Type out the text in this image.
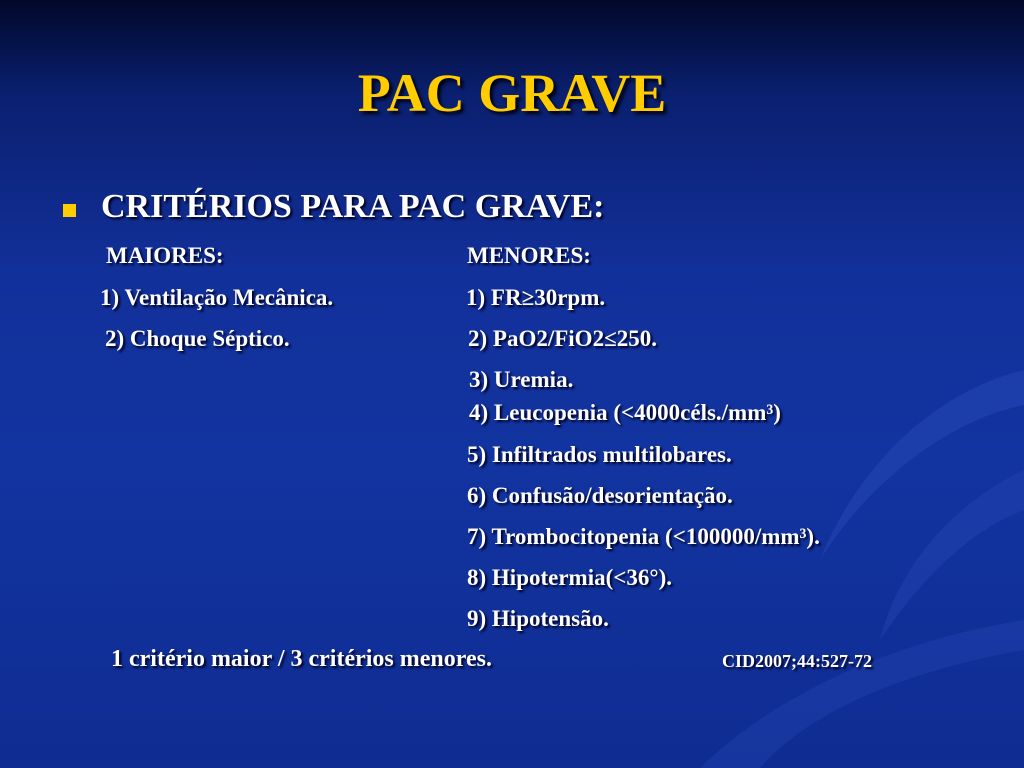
PAC GRAVE
CRITÉRIOS PARA PAC GRAVE:
MAIORES:	MENORES:
1) Ventilação Mecânica.
2) Choque Séptico.
1) FR≥30rpm.
2) PaO2/FiO2≤250.
3) Uremia.
4) Leucopenia (<4000céls./mm³)
5) Infiltrados multilobares.
6) Confusão/desorientação.
7) Trombocitopenia (<100000/mm³).
8) Hipotermia(<36°).
9) Hipotensão.
1 critério maior / 3 critérios menores.	CID2007;44:527-72
